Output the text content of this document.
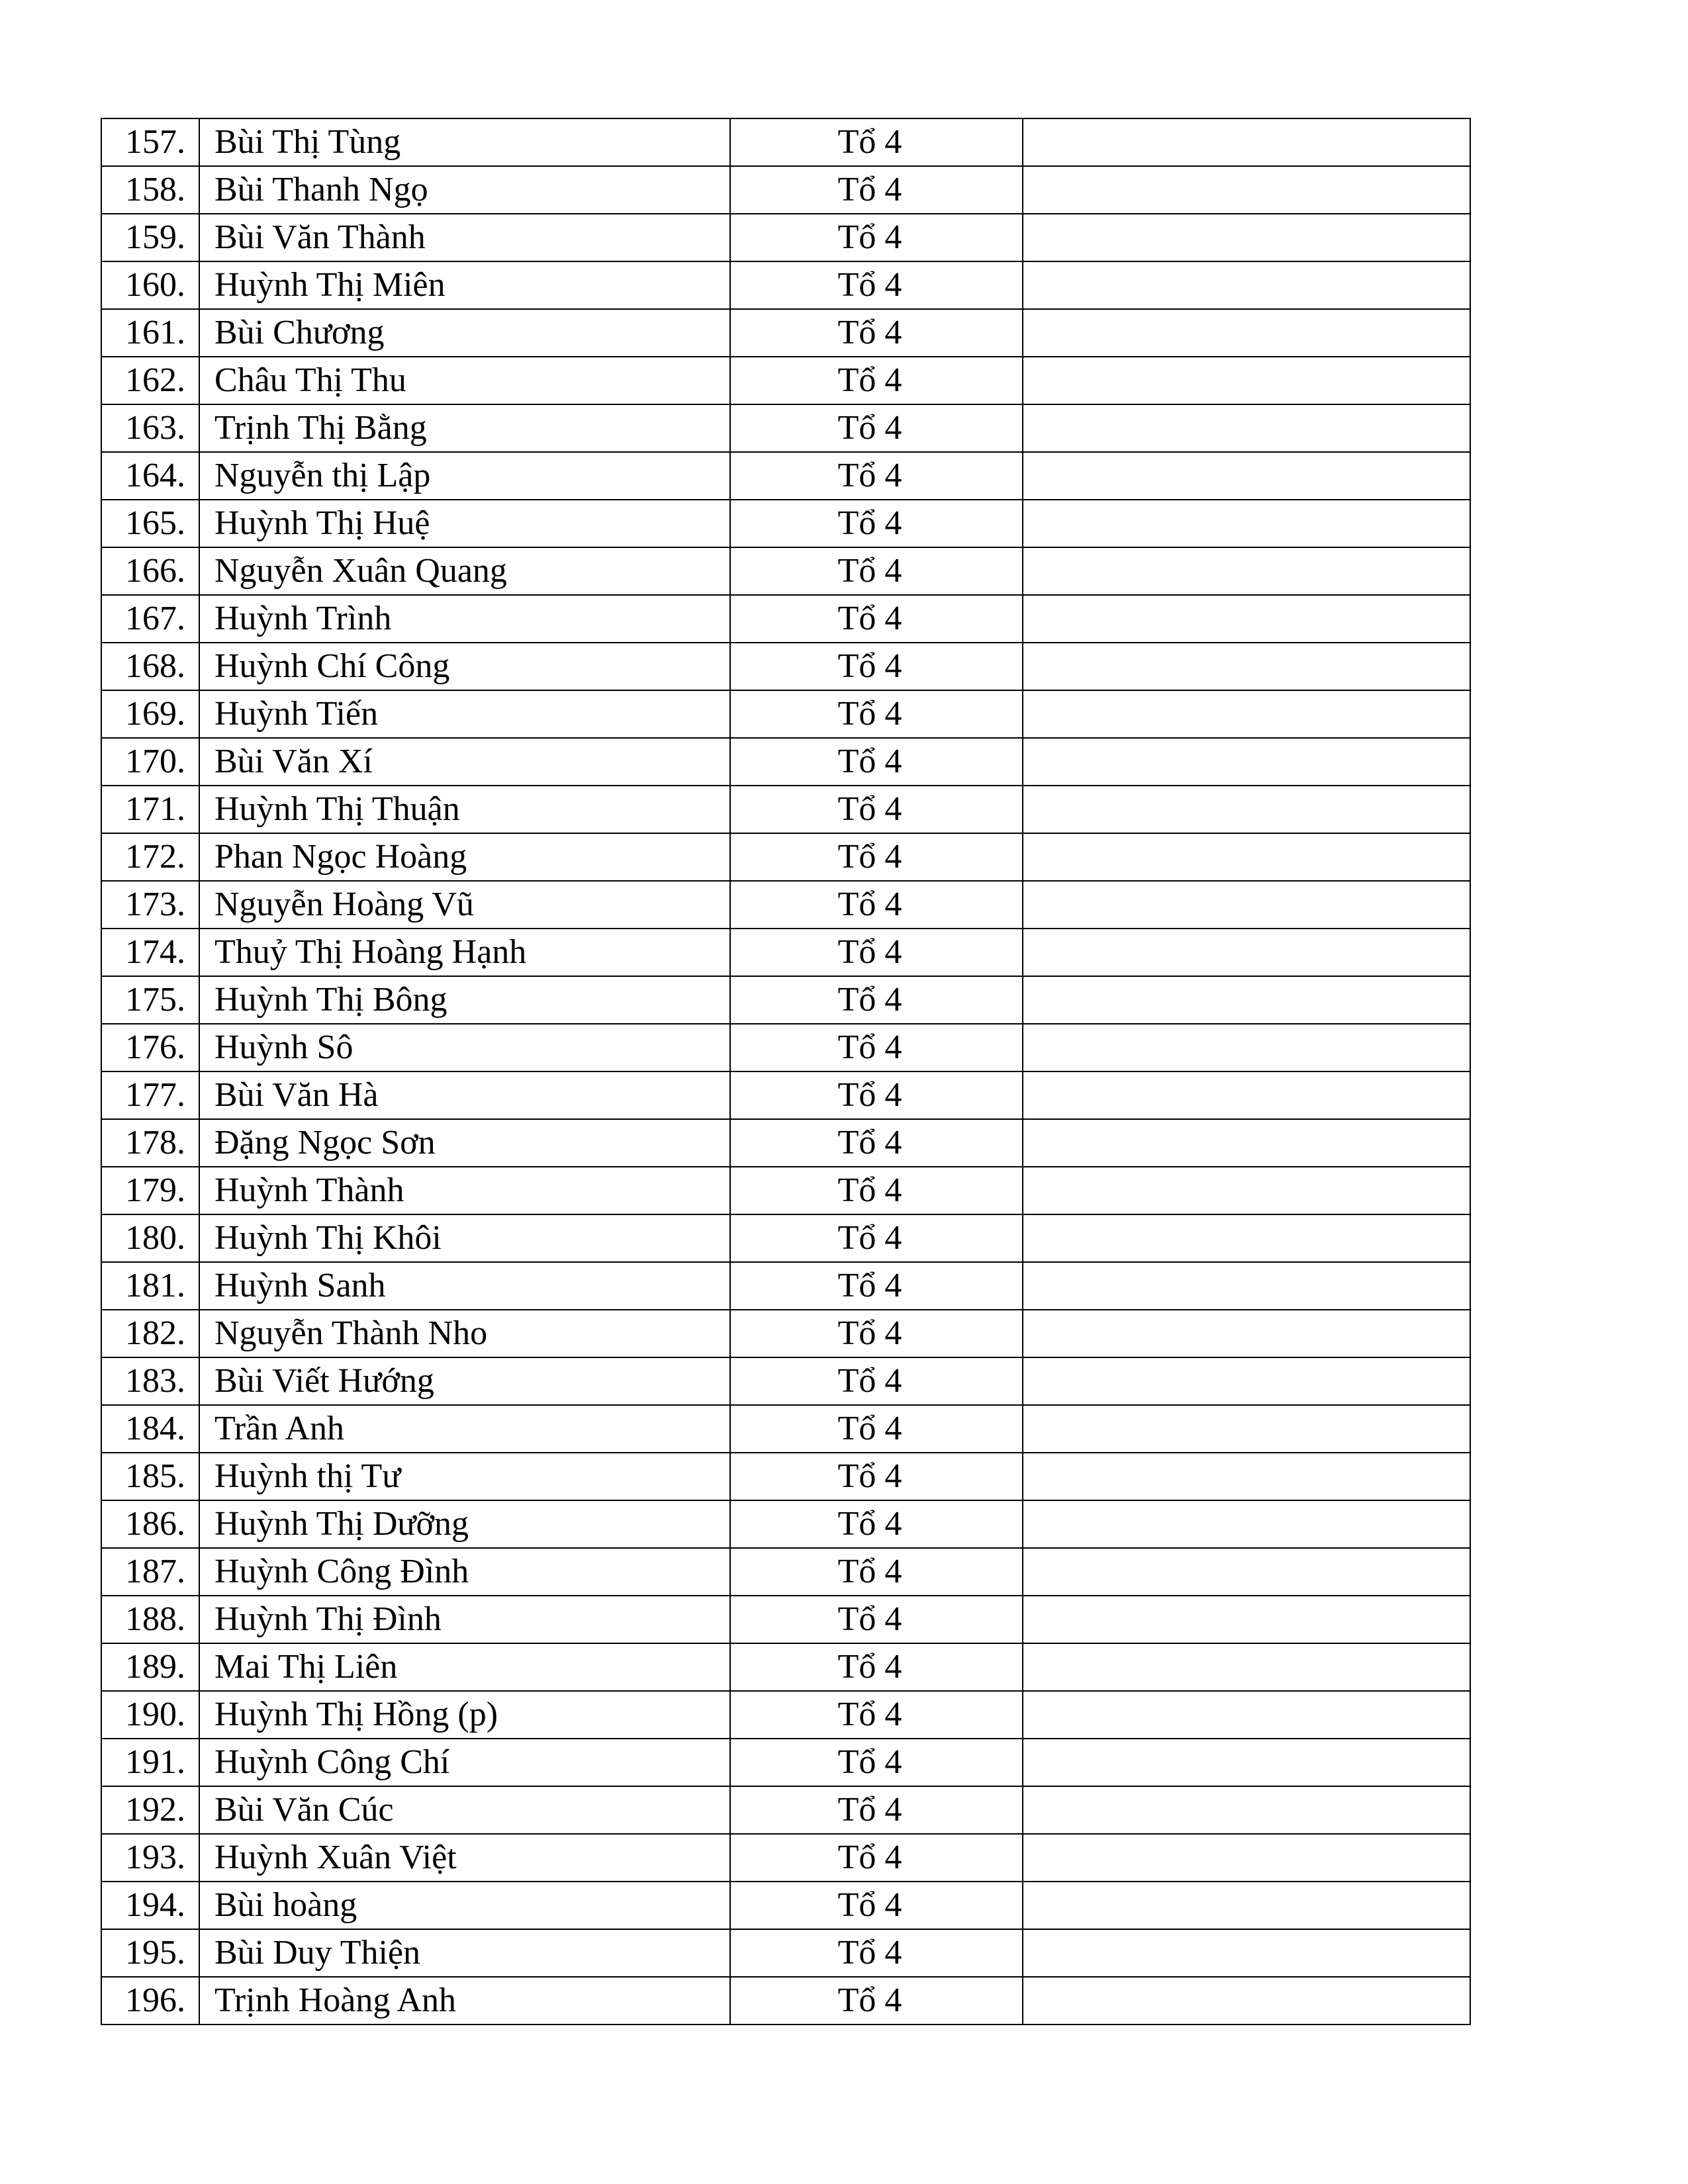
157.	Bùi Thị Tùng	Tổ 4	
158.	Bùi Thanh Ngọ	Tổ 4	
159.	Bùi Văn Thành	Tổ 4	
160.	Huỳnh Thị Miên	Tổ 4	
161.	Bùi Chương	Tổ 4	
162.	Châu Thị Thu	Tổ 4	
163.	Trịnh Thị Bằng	Tổ 4	
164.	Nguyễn thị Lập	Tổ 4	
165.	Huỳnh Thị Huệ	Tổ 4	
166.	Nguyễn Xuân Quang	Tổ 4	
167.	Huỳnh Trình	Tổ 4	
168.	Huỳnh Chí Công	Tổ 4	
169.	Huỳnh Tiến	Tổ 4	
170.	Bùi Văn Xí	Tổ 4	
171.	Huỳnh Thị Thuận	Tổ 4	
172.	Phan Ngọc Hoàng	Tổ 4	
173.	Nguyễn Hoàng Vũ	Tổ 4	
174.	Thuỷ Thị Hoàng Hạnh	Tổ 4	
175.	Huỳnh Thị Bông	Tổ 4	
176.	Huỳnh Sô	Tổ 4	
177.	Bùi Văn Hà	Tổ 4	
178.	Đặng Ngọc Sơn	Tổ 4	
179.	Huỳnh Thành	Tổ 4	
180.	Huỳnh Thị Khôi	Tổ 4	
181.	Huỳnh Sanh	Tổ 4	
182.	Nguyễn Thành Nho	Tổ 4	
183.	Bùi Viết Hướng	Tổ 4	
184.	Trần Anh	Tổ 4	
185.	Huỳnh thị Tư	Tổ 4	
186.	Huỳnh Thị Dưỡng	Tổ 4	
187.	Huỳnh Công Đình	Tổ 4	
188.	Huỳnh Thị Đình	Tổ 4	
189.	Mai Thị Liên	Tổ 4	
190.	Huỳnh Thị Hồng (p)	Tổ 4	
191.	Huỳnh Công Chí	Tổ 4	
192.	Bùi Văn Cúc	Tổ 4	
193.	Huỳnh Xuân Việt	Tổ 4	
194.	Bùi hoàng	Tổ 4	
195.	Bùi Duy Thiện	Tổ 4	
196.	Trịnh Hoàng Anh	Tổ 4	
